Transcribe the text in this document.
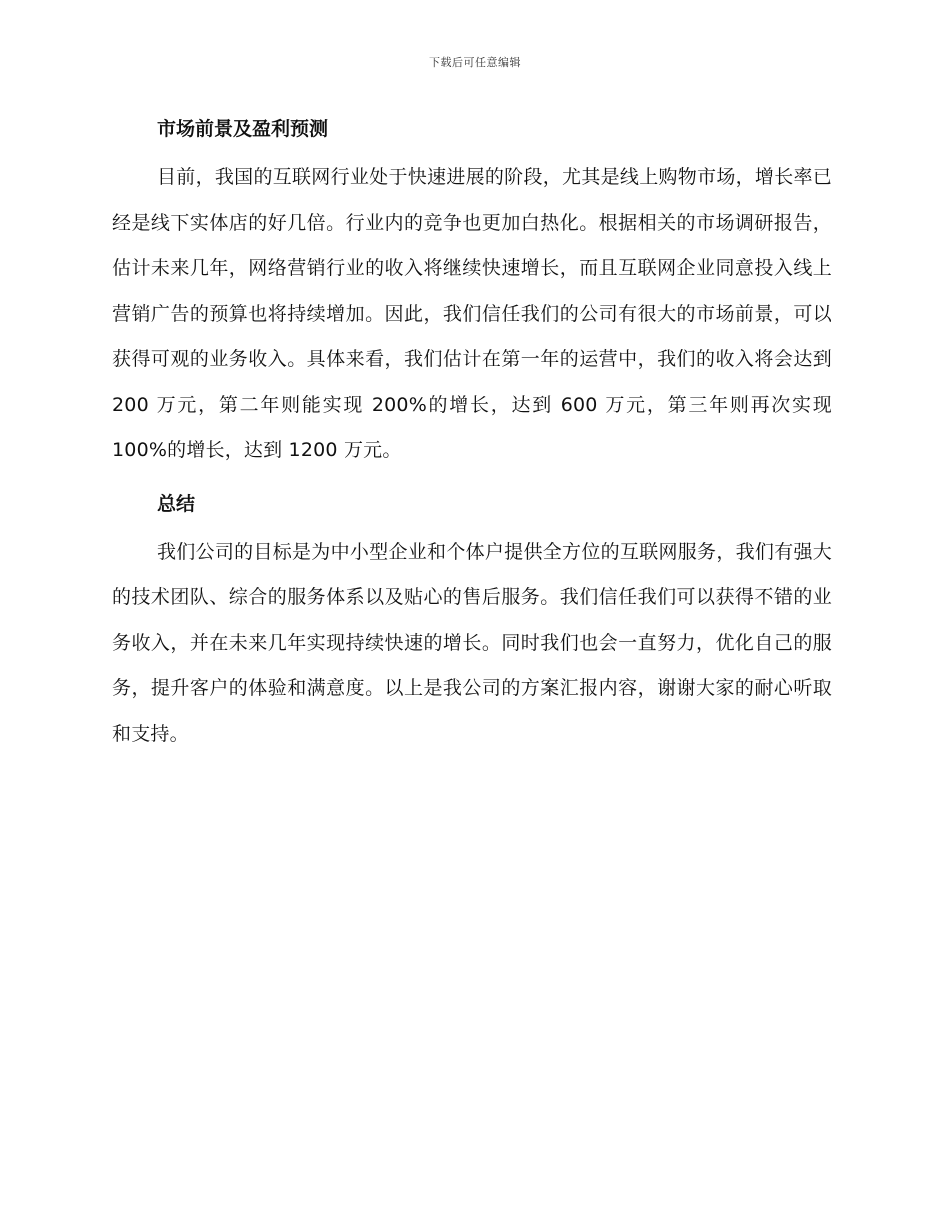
下载后可任意编辑
市场前景及盈利预测

目前，我国的互联网行业处于快速进展的阶段，尤其是线上购物市场，增长率已经是线下实体店的好几倍。行业内的竞争也更加白热化。根据相关的市场调研报告，估计未来几年，网络营销行业的收入将继续快速增长，而且互联网企业同意投入线上营销广告的预算也将持续增加。因此，我们信任我们的公司有很大的市场前景，可以获得可观的业务收入。具体来看，我们估计在第一年的运营中，我们的收入将会达到 200 万元，第二年则能实现 200%的增长，达到 600 万元，第三年则再次实现 100%的增长，达到 1200 万元。

总结

我们公司的目标是为中小型企业和个体户提供全方位的互联网服务，我们有强大的技术团队、综合的服务体系以及贴心的售后服务。我们信任我们可以获得不错的业务收入，并在未来几年实现持续快速的增长。同时我们也会一直努力，优化自己的服务，提升客户的体验和满意度。以上是我公司的方案汇报内容，谢谢大家的耐心听取和支持。
